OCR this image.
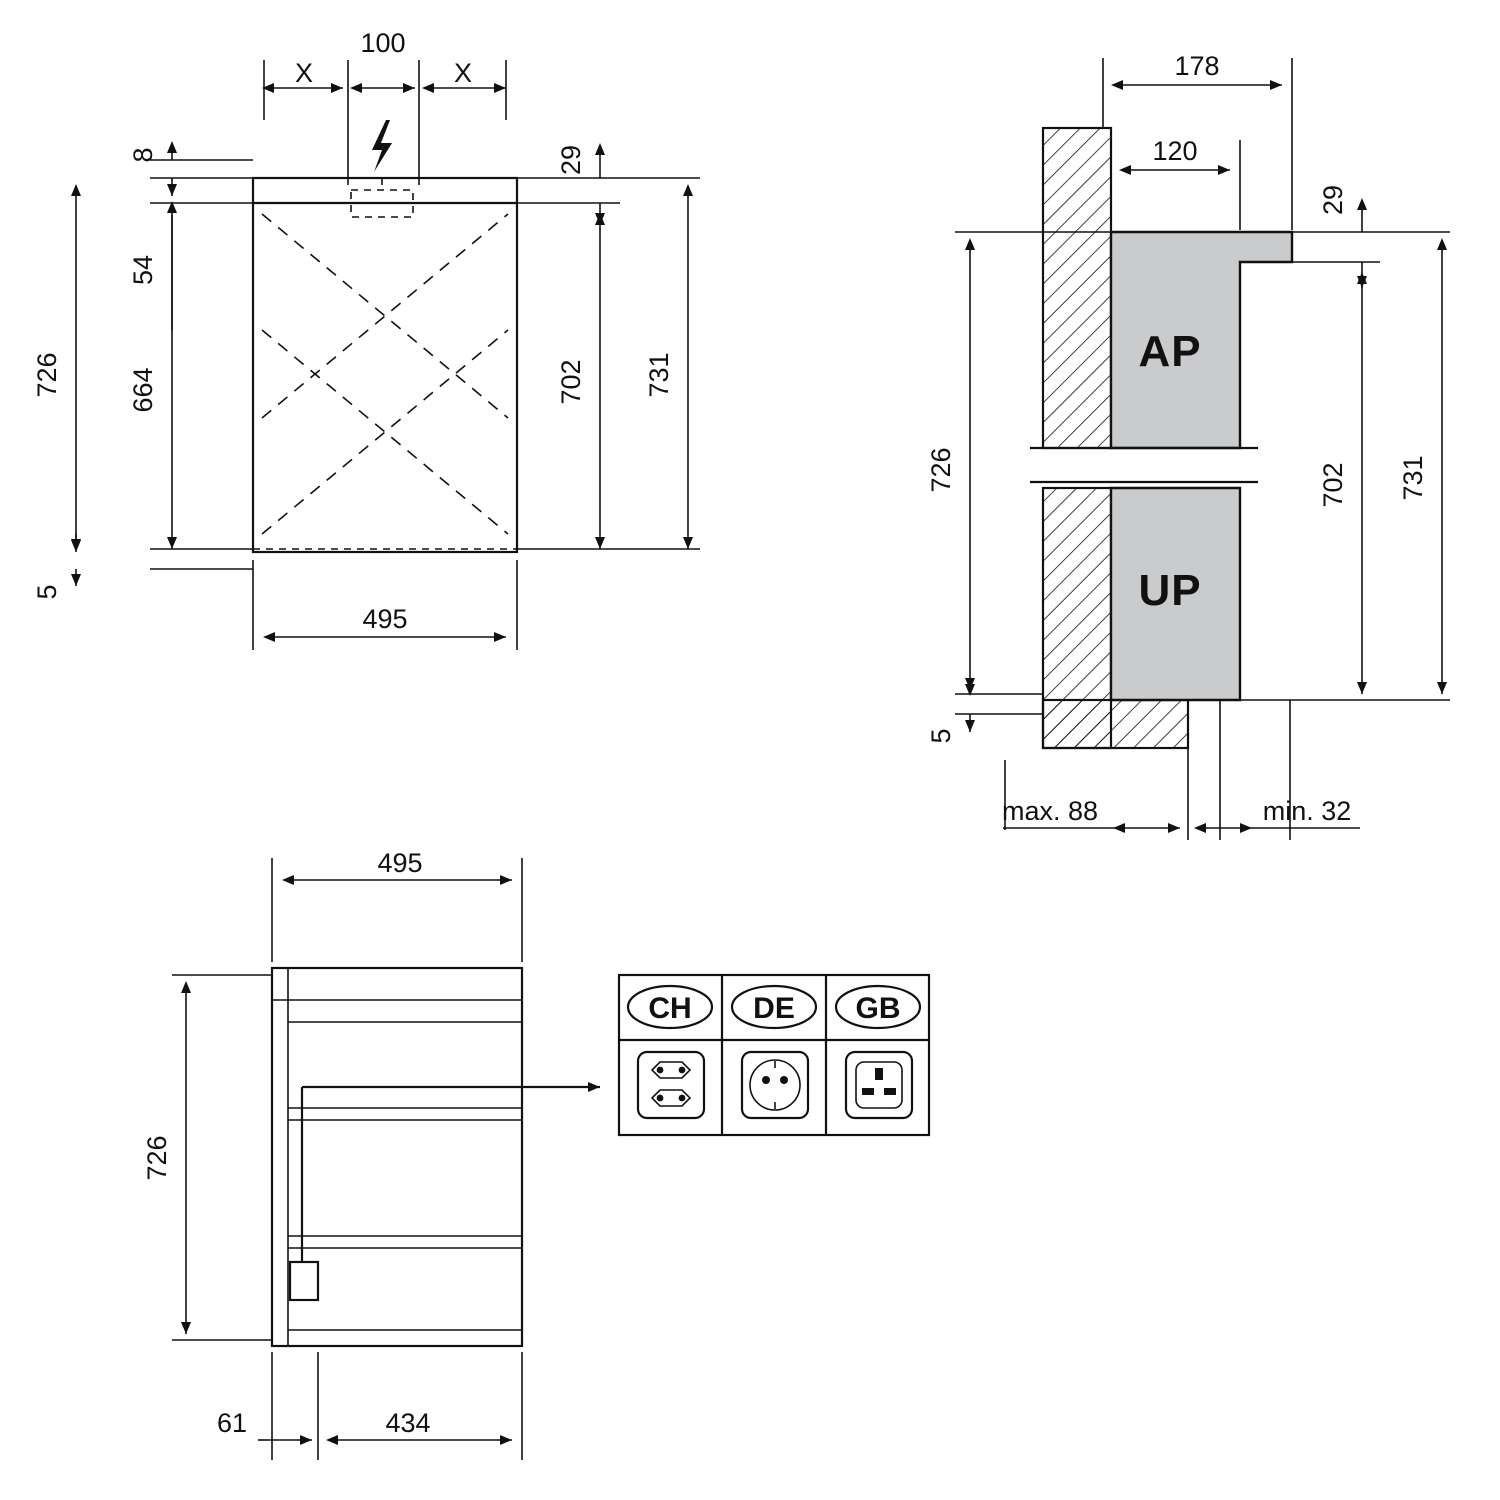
100
X	X
8
54
664
726
5
29
702 731
495
AP
UP
178
120
29
702 731
726
5
max. 88	min. 32
495
726
61	434
CH DE GB
